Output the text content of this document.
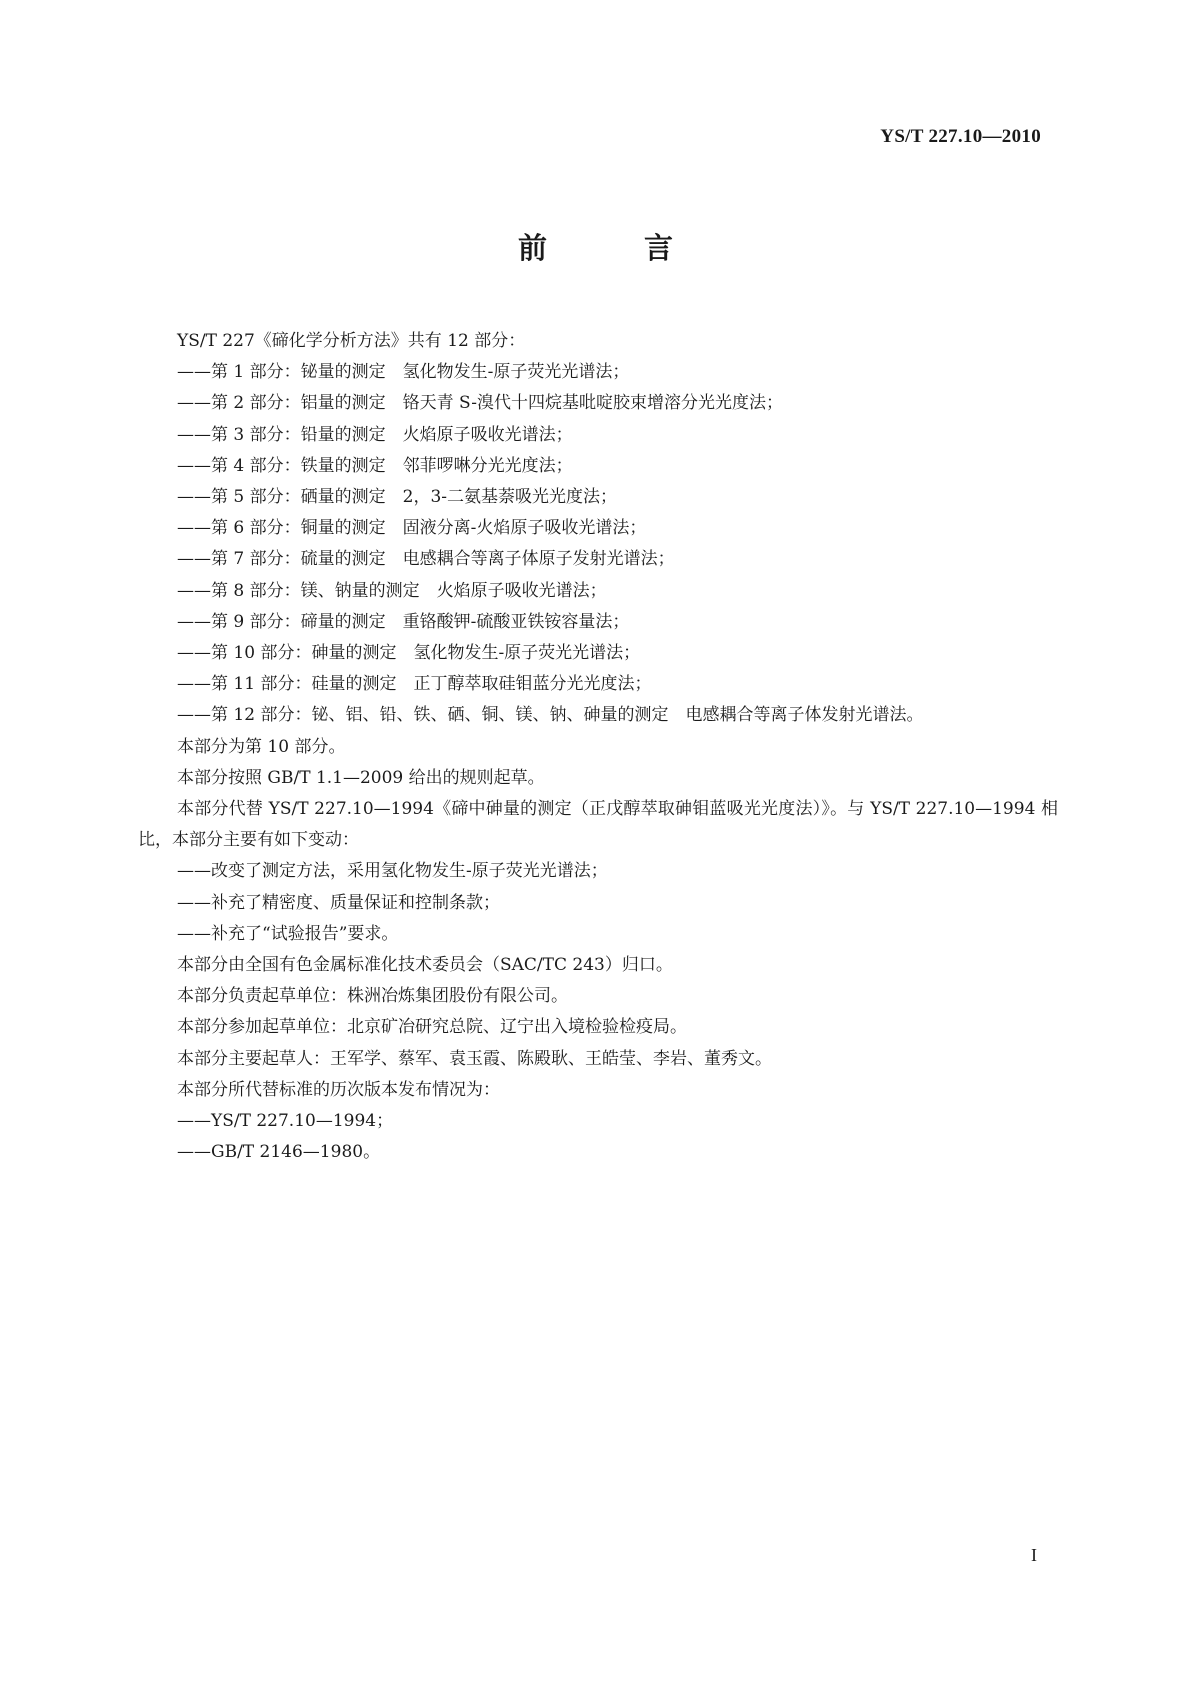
YS/T 227.10—2010
前　言

YS/T 227《碲化学分析方法》共有 12 部分：

——第 1 部分：铋量的测定　氢化物发生-原子荧光光谱法；

——第 2 部分：铝量的测定　铬天青 S-溴代十四烷基吡啶胶束增溶分光光度法；

——第 3 部分：铅量的测定　火焰原子吸收光谱法；

——第 4 部分：铁量的测定　邻菲啰啉分光光度法；

——第 5 部分：硒量的测定　2，3-二氨基萘吸光光度法；

——第 6 部分：铜量的测定　固液分离-火焰原子吸收光谱法；

——第 7 部分：硫量的测定　电感耦合等离子体原子发射光谱法；

——第 8 部分：镁、钠量的测定　火焰原子吸收光谱法；

——第 9 部分：碲量的测定　重铬酸钾-硫酸亚铁铵容量法；

——第 10 部分：砷量的测定　氢化物发生-原子荧光光谱法；

——第 11 部分：硅量的测定　正丁醇萃取硅钼蓝分光光度法；

——第 12 部分：铋、铝、铅、铁、硒、铜、镁、钠、砷量的测定　电感耦合等离子体发射光谱法。

本部分为第 10 部分。

本部分按照 GB/T 1.1—2009 给出的规则起草。

本部分代替 YS/T 227.10—1994《碲中砷量的测定（正戊醇萃取砷钼蓝吸光光度法）》。与 YS/T 227.10—1994 相比，本部分主要有如下变动：

——改变了测定方法，采用氢化物发生-原子荧光光谱法；

——补充了精密度、质量保证和控制条款；

——补充了“试验报告”要求。

本部分由全国有色金属标准化技术委员会（SAC/TC 243）归口。

本部分负责起草单位：株洲冶炼集团股份有限公司。

本部分参加起草单位：北京矿冶研究总院、辽宁出入境检验检疫局。

本部分主要起草人：王军学、蔡军、袁玉霞、陈殿耿、王皓莹、李岩、董秀文。

本部分所代替标准的历次版本发布情况为：

——YS/T 227.10—1994；

——GB/T 2146—1980。

I
